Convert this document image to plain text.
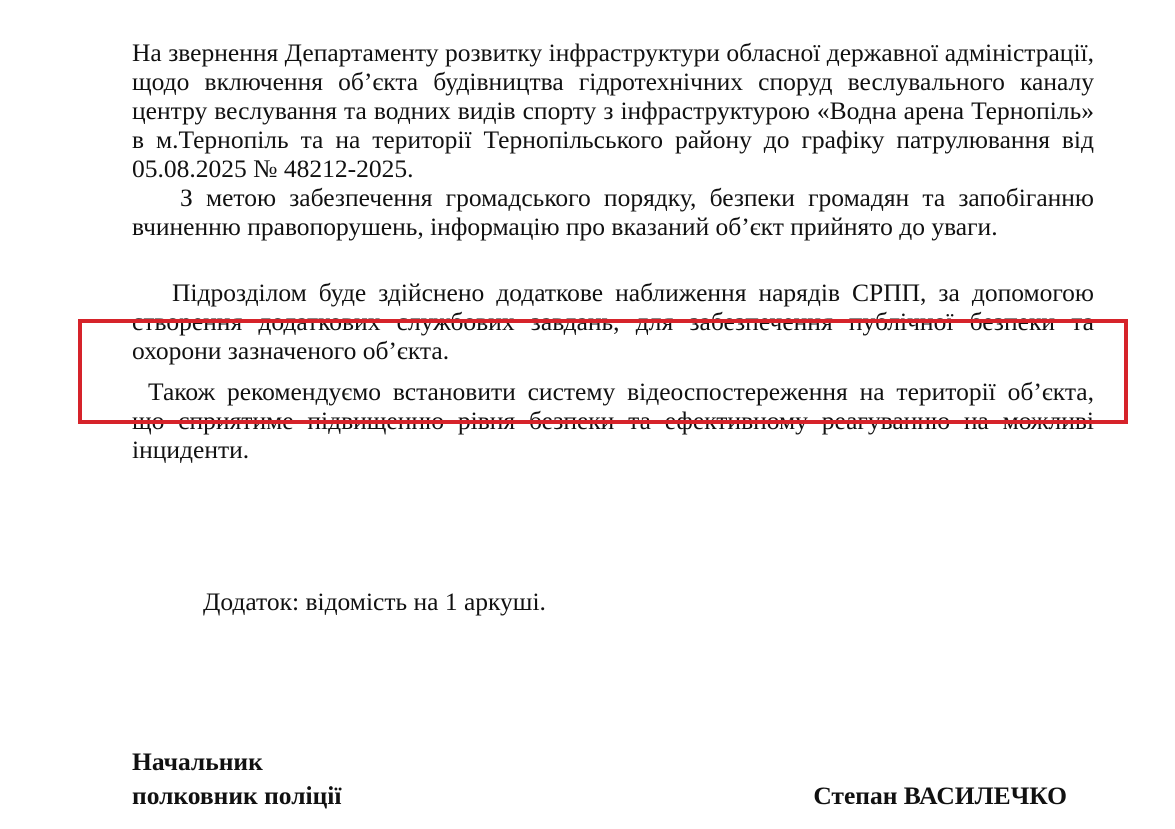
На звернення Департаменту розвитку інфраструктури обласної державної адміністрації, щодо включення об’єкта будівництва гідротехнічних споруд веслувального каналу центру веслування та водних видів спорту з інфраструктурою «Водна арена Тернопіль» в м.Тернопіль та на території Тернопільського району до графіку патрулювання від 05.08.2025 № 48212-2025.

З метою забезпечення громадського порядку, безпеки громадян та запобіганню вчиненню правопорушень, інформацію про вказаний об’єкт прийнято до уваги.

Підрозділом буде здійснено додаткове наближення нарядів СРПП, за допомогою створення додаткових службових завдань, для забезпечення публічної безпеки та охорони зазначеного об’єкта.

Також рекомендуємо встановити систему відеоспостереження на території об’єкта, що сприятиме підвищенню рівня безпеки та ефективному реагуванню на можливі інциденти.

Додаток: відомість на 1 аркуші.

Начальник
полковник поліції	Степан ВАСИЛЕЧКО
